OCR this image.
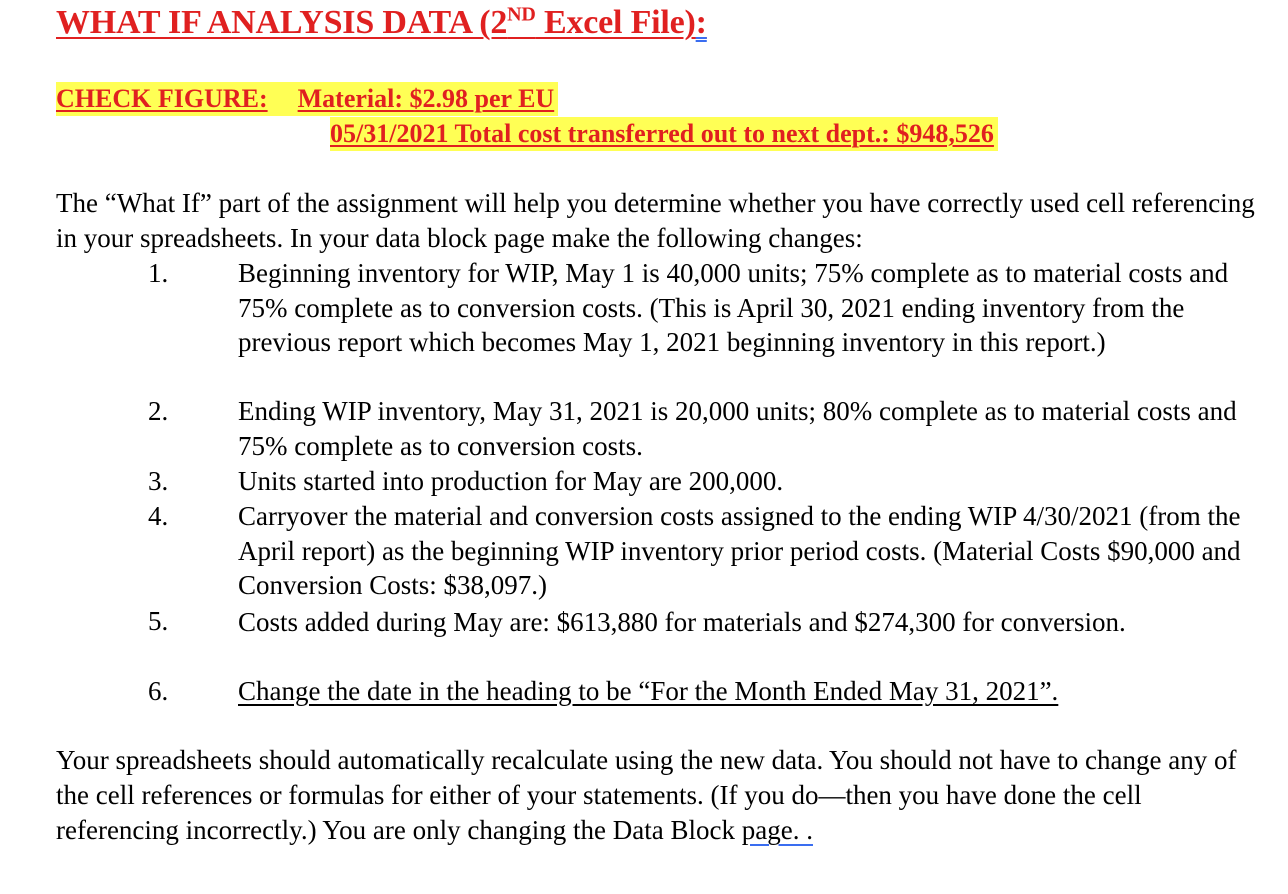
WHAT IF ANALYSIS DATA (2ND Excel File):
CHECK FIGURE: Material: $2.98 per EU
05/31/2021 Total cost transferred out to next dept.: $948,526

The “What If” part of the assignment will help you determine whether you have correctly used cell referencing in your spreadsheets. In your data block page make the following changes:

1.	Beginning inventory for WIP, May 1 is 40,000 units; 75% complete as to material costs and 75% complete as to conversion costs. (This is April 30, 2021 ending inventory from the previous report which becomes May 1, 2021 beginning inventory in this report.)
2.	Ending WIP inventory, May 31, 2021 is 20,000 units; 80% complete as to material costs and 75% complete as to conversion costs.
3.	Units started into production for May are 200,000.
4.	Carryover the material and conversion costs assigned to the ending WIP 4/30/2021 (from the April report) as the beginning WIP inventory prior period costs. (Material Costs $90,000 and Conversion Costs: $38,097.)
5.	Costs added during May are: $613,880 for materials and $274,300 for conversion.
6.	Change the date in the heading to be “For the Month Ended May 31, 2021”.

Your spreadsheets should automatically recalculate using the new data. You should not have to change any of the cell references or formulas for either of your statements. (If you do—then you have done the cell referencing incorrectly.) You are only changing the Data Block page. .
